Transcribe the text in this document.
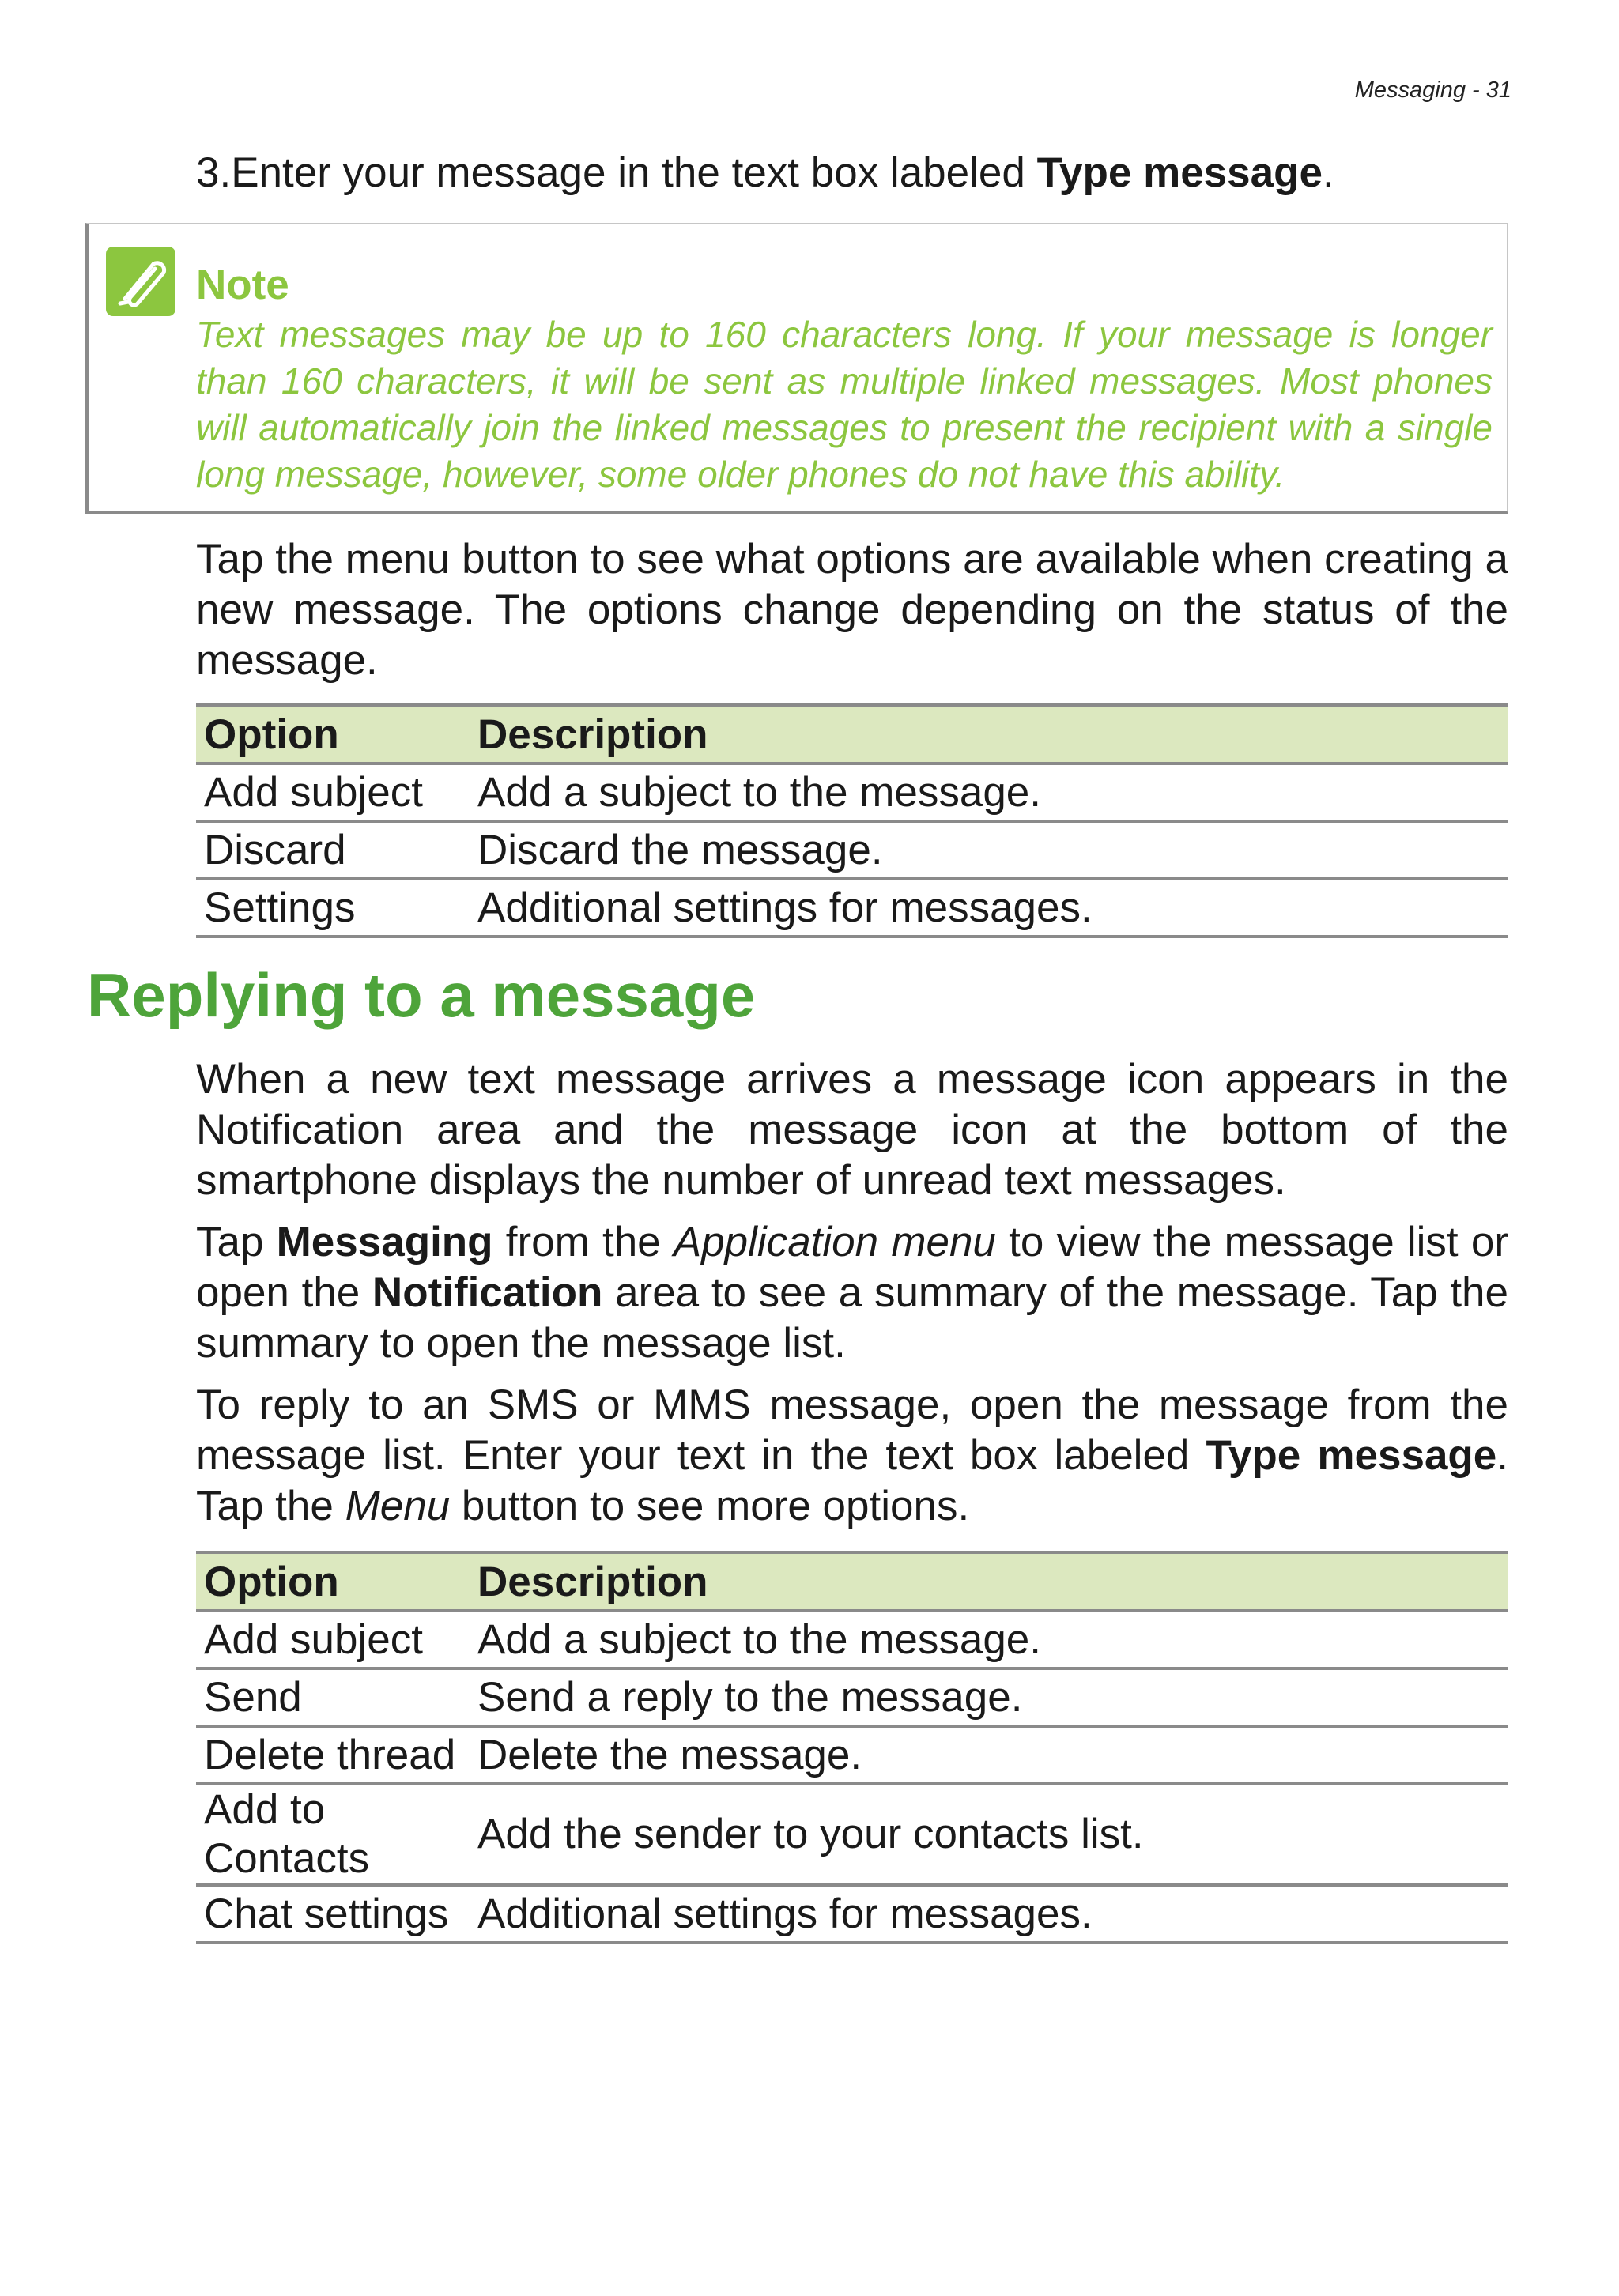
Messaging - 31
3.Enter your message in the text box labeled Type message.
Note
Text messages may be up to 160 characters long. If your message is longer than 160 characters, it will be sent as multiple linked messages. Most phones will automatically join the linked messages to present the recipient with a single long message, however, some older phones do not have this ability.
Tap the menu button to see what options are available when creating a new message. The options change depending on the status of the message.
Option	Description
Add subject	Add a subject to the message.
Discard	Discard the message.
Settings	Additional settings for messages.
Replying to a message
When a new text message arrives a message icon appears in the Notification area and the message icon at the bottom of the smartphone displays the number of unread text messages.
Tap Messaging from the Application menu to view the message list or open the Notification area to see a summary of the message. Tap the summary to open the message list.
To reply to an SMS or MMS message, open the message from the message list. Enter your text in the text box labeled Type message. Tap the Menu button to see more options.
Option	Description
Add subject	Add a subject to the message.
Send	Send a reply to the message.
Delete thread	Delete the message.
Add to Contacts	Add the sender to your contacts list.
Chat settings	Additional settings for messages.
